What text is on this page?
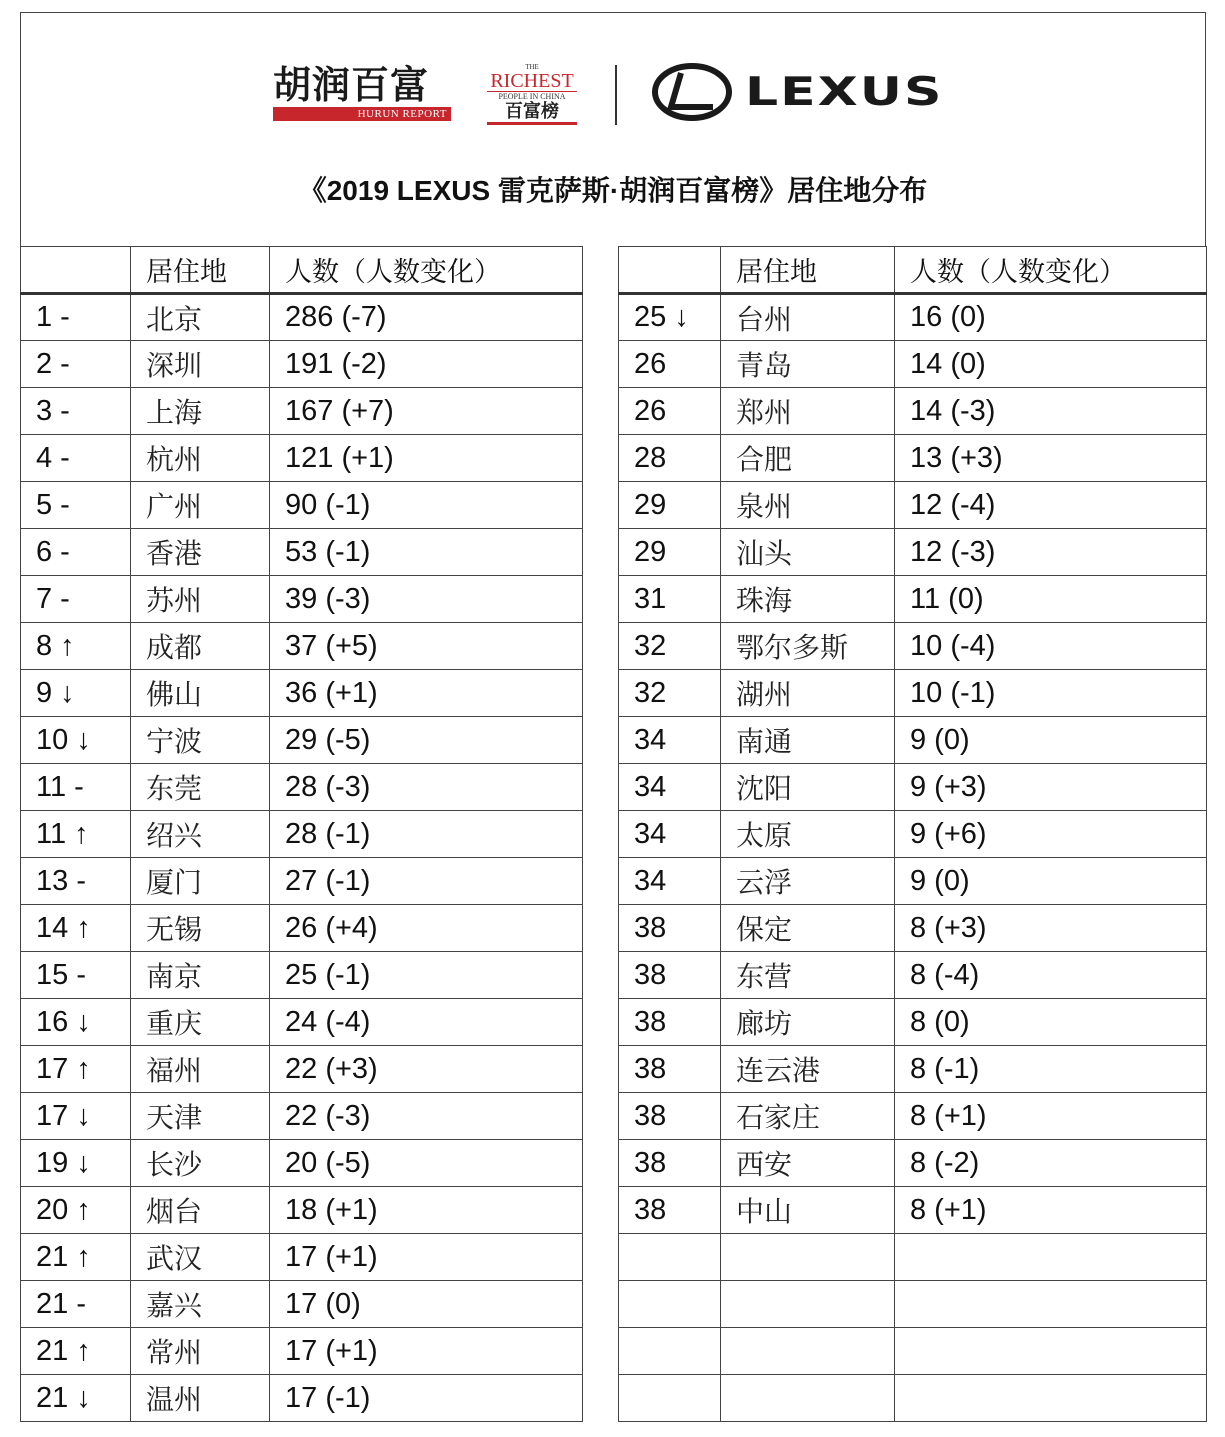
胡润百富
HURUN REPORT
THE
RICHEST
PEOPLE IN CHINA
百富榜	LEXUS
《2019 LEXUS 雷克萨斯·胡润百富榜》居住地分布
	居住地	人数（人数变化）
1 -	北京	286 (-7)
2 -	深圳	191 (-2)
3 -	上海	167 (+7)
4 -	杭州	121 (+1)
5 -	广州	90 (-1)
6 -	香港	53 (-1)
7 -	苏州	39 (-3)
8 ↑	成都	37 (+5)
9 ↓	佛山	36 (+1)
10 ↓	宁波	29 (-5)
11 -	东莞	28 (-3)
11 ↑	绍兴	28 (-1)
13 -	厦门	27 (-1)
14 ↑	无锡	26 (+4)
15 -	南京	25 (-1)
16 ↓	重庆	24 (-4)
17 ↑	福州	22 (+3)
17 ↓	天津	22 (-3)
19 ↓	长沙	20 (-5)
20 ↑	烟台	18 (+1)
21 ↑	武汉	17 (+1)
21 -	嘉兴	17 (0)
21 ↑	常州	17 (+1)
21 ↓	温州	17 (-1)
	居住地	人数（人数变化）
25 ↓	台州	16 (0)
26	青岛	14 (0)
26	郑州	14 (-3)
28	合肥	13 (+3)
29	泉州	12 (-4)
29	汕头	12 (-3)
31	珠海	11 (0)
32	鄂尔多斯	10 (-4)
32	湖州	10 (-1)
34	南通	9 (0)
34	沈阳	9 (+3)
34	太原	9 (+6)
34	云浮	9 (0)
38	保定	8 (+3)
38	东营	8 (-4)
38	廊坊	8 (0)
38	连云港	8 (-1)
38	石家庄	8 (+1)
38	西安	8 (-2)
38	中山	8 (+1)
